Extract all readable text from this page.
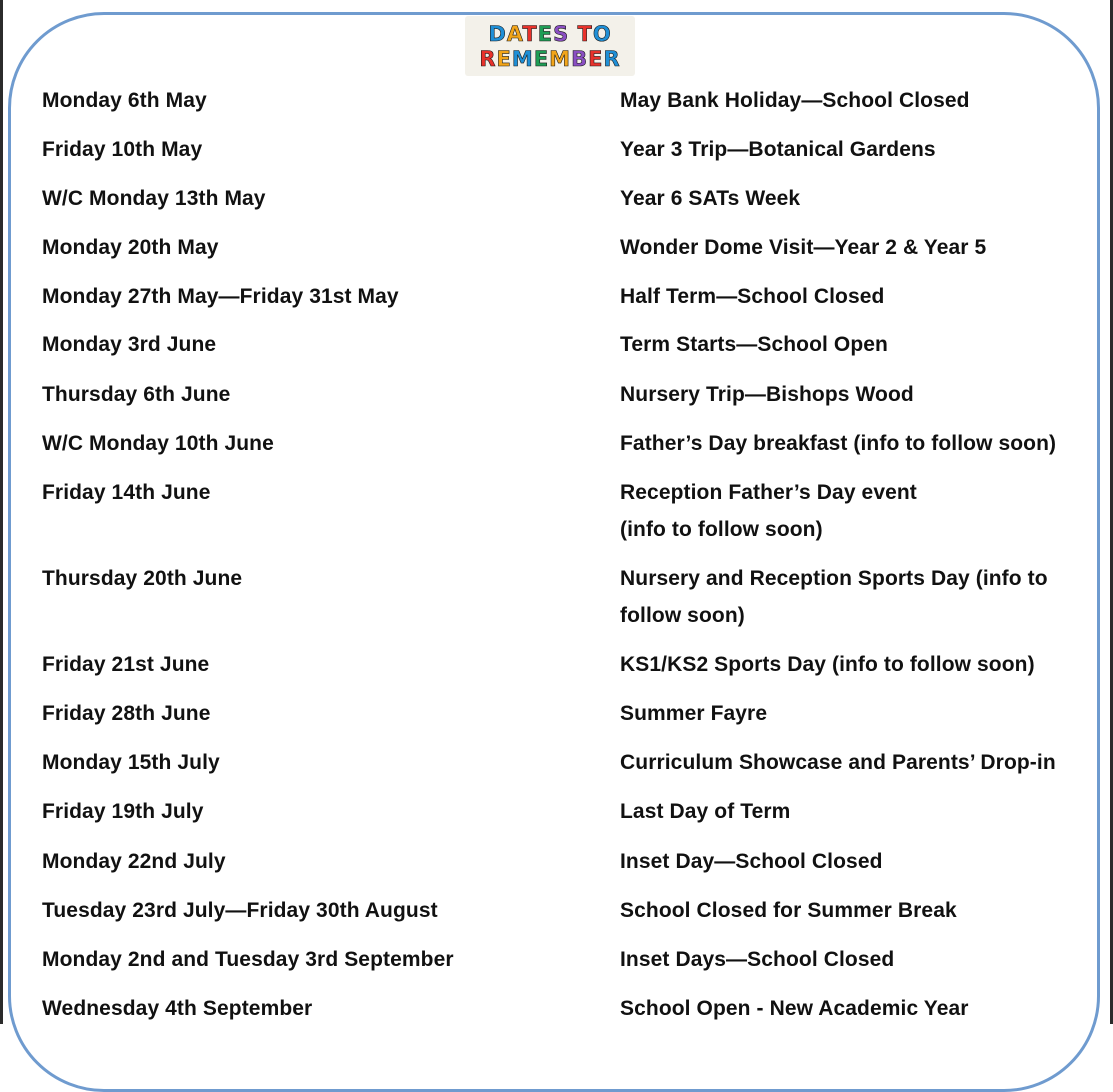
DATES TO
REMEMBER
Monday 6th May	May Bank Holiday—School Closed
Friday 10th May	Year 3 Trip—Botanical Gardens
W/C Monday 13th May	Year 6 SATs Week
Monday 20th May	Wonder Dome Visit—Year 2 & Year 5
Monday 27th May—Friday 31st May	Half Term—School Closed
Monday 3rd June	Term Starts—School Open
Thursday 6th June	Nursery Trip—Bishops Wood
W/C Monday 10th June	Father’s Day breakfast (info to follow soon)
Friday 14th June	Reception Father’s Day event
(info to follow soon)
Thursday 20th June	Nursery and Reception Sports Day (info to
follow soon)
Friday 21st June	KS1/KS2 Sports Day (info to follow soon)
Friday 28th June	Summer Fayre
Monday 15th July	Curriculum Showcase and Parents’ Drop-in
Friday 19th July	Last Day of Term
Monday 22nd July	Inset Day—School Closed
Tuesday 23rd July—Friday 30th August	School Closed for Summer Break
Monday 2nd and Tuesday 3rd September	Inset Days—School Closed
Wednesday 4th September	School Open - New Academic Year
